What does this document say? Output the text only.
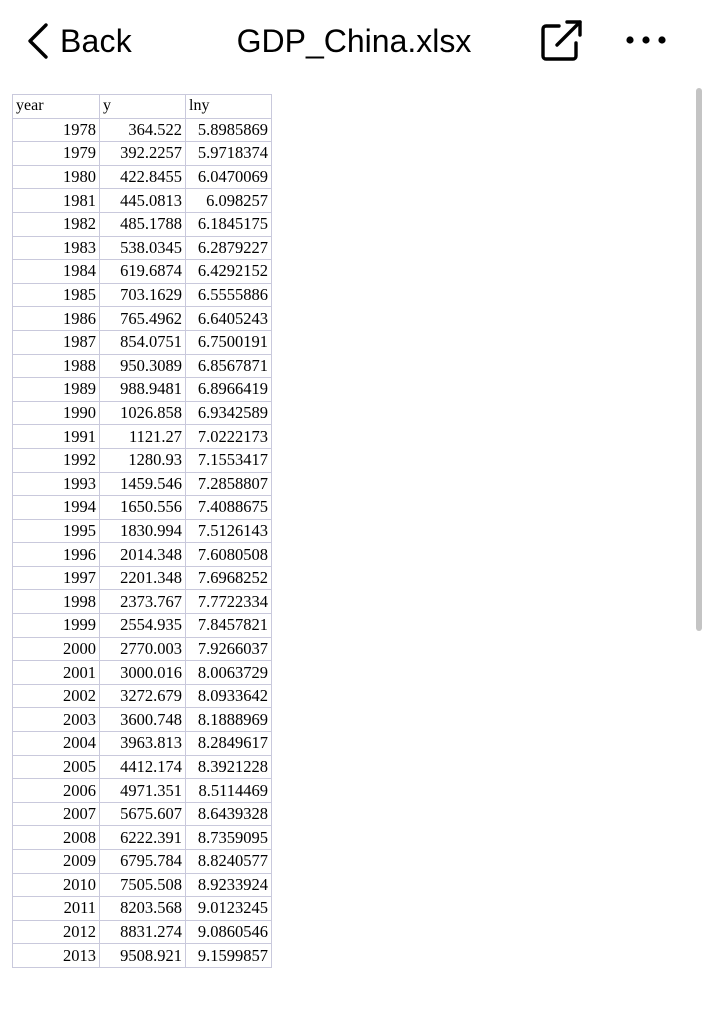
Back	GDP_China.xlsx
year	y	lny
1978	364.522	5.8985869
1979	392.2257	5.9718374
1980	422.8455	6.0470069
1981	445.0813	6.098257
1982	485.1788	6.1845175
1983	538.0345	6.2879227
1984	619.6874	6.4292152
1985	703.1629	6.5555886
1986	765.4962	6.6405243
1987	854.0751	6.7500191
1988	950.3089	6.8567871
1989	988.9481	6.8966419
1990	1026.858	6.9342589
1991	1121.27	7.0222173
1992	1280.93	7.1553417
1993	1459.546	7.2858807
1994	1650.556	7.4088675
1995	1830.994	7.5126143
1996	2014.348	7.6080508
1997	2201.348	7.6968252
1998	2373.767	7.7722334
1999	2554.935	7.8457821
2000	2770.003	7.9266037
2001	3000.016	8.0063729
2002	3272.679	8.0933642
2003	3600.748	8.1888969
2004	3963.813	8.2849617
2005	4412.174	8.3921228
2006	4971.351	8.5114469
2007	5675.607	8.6439328
2008	6222.391	8.7359095
2009	6795.784	8.8240577
2010	7505.508	8.9233924
2011	8203.568	9.0123245
2012	8831.274	9.0860546
2013	9508.921	9.1599857
